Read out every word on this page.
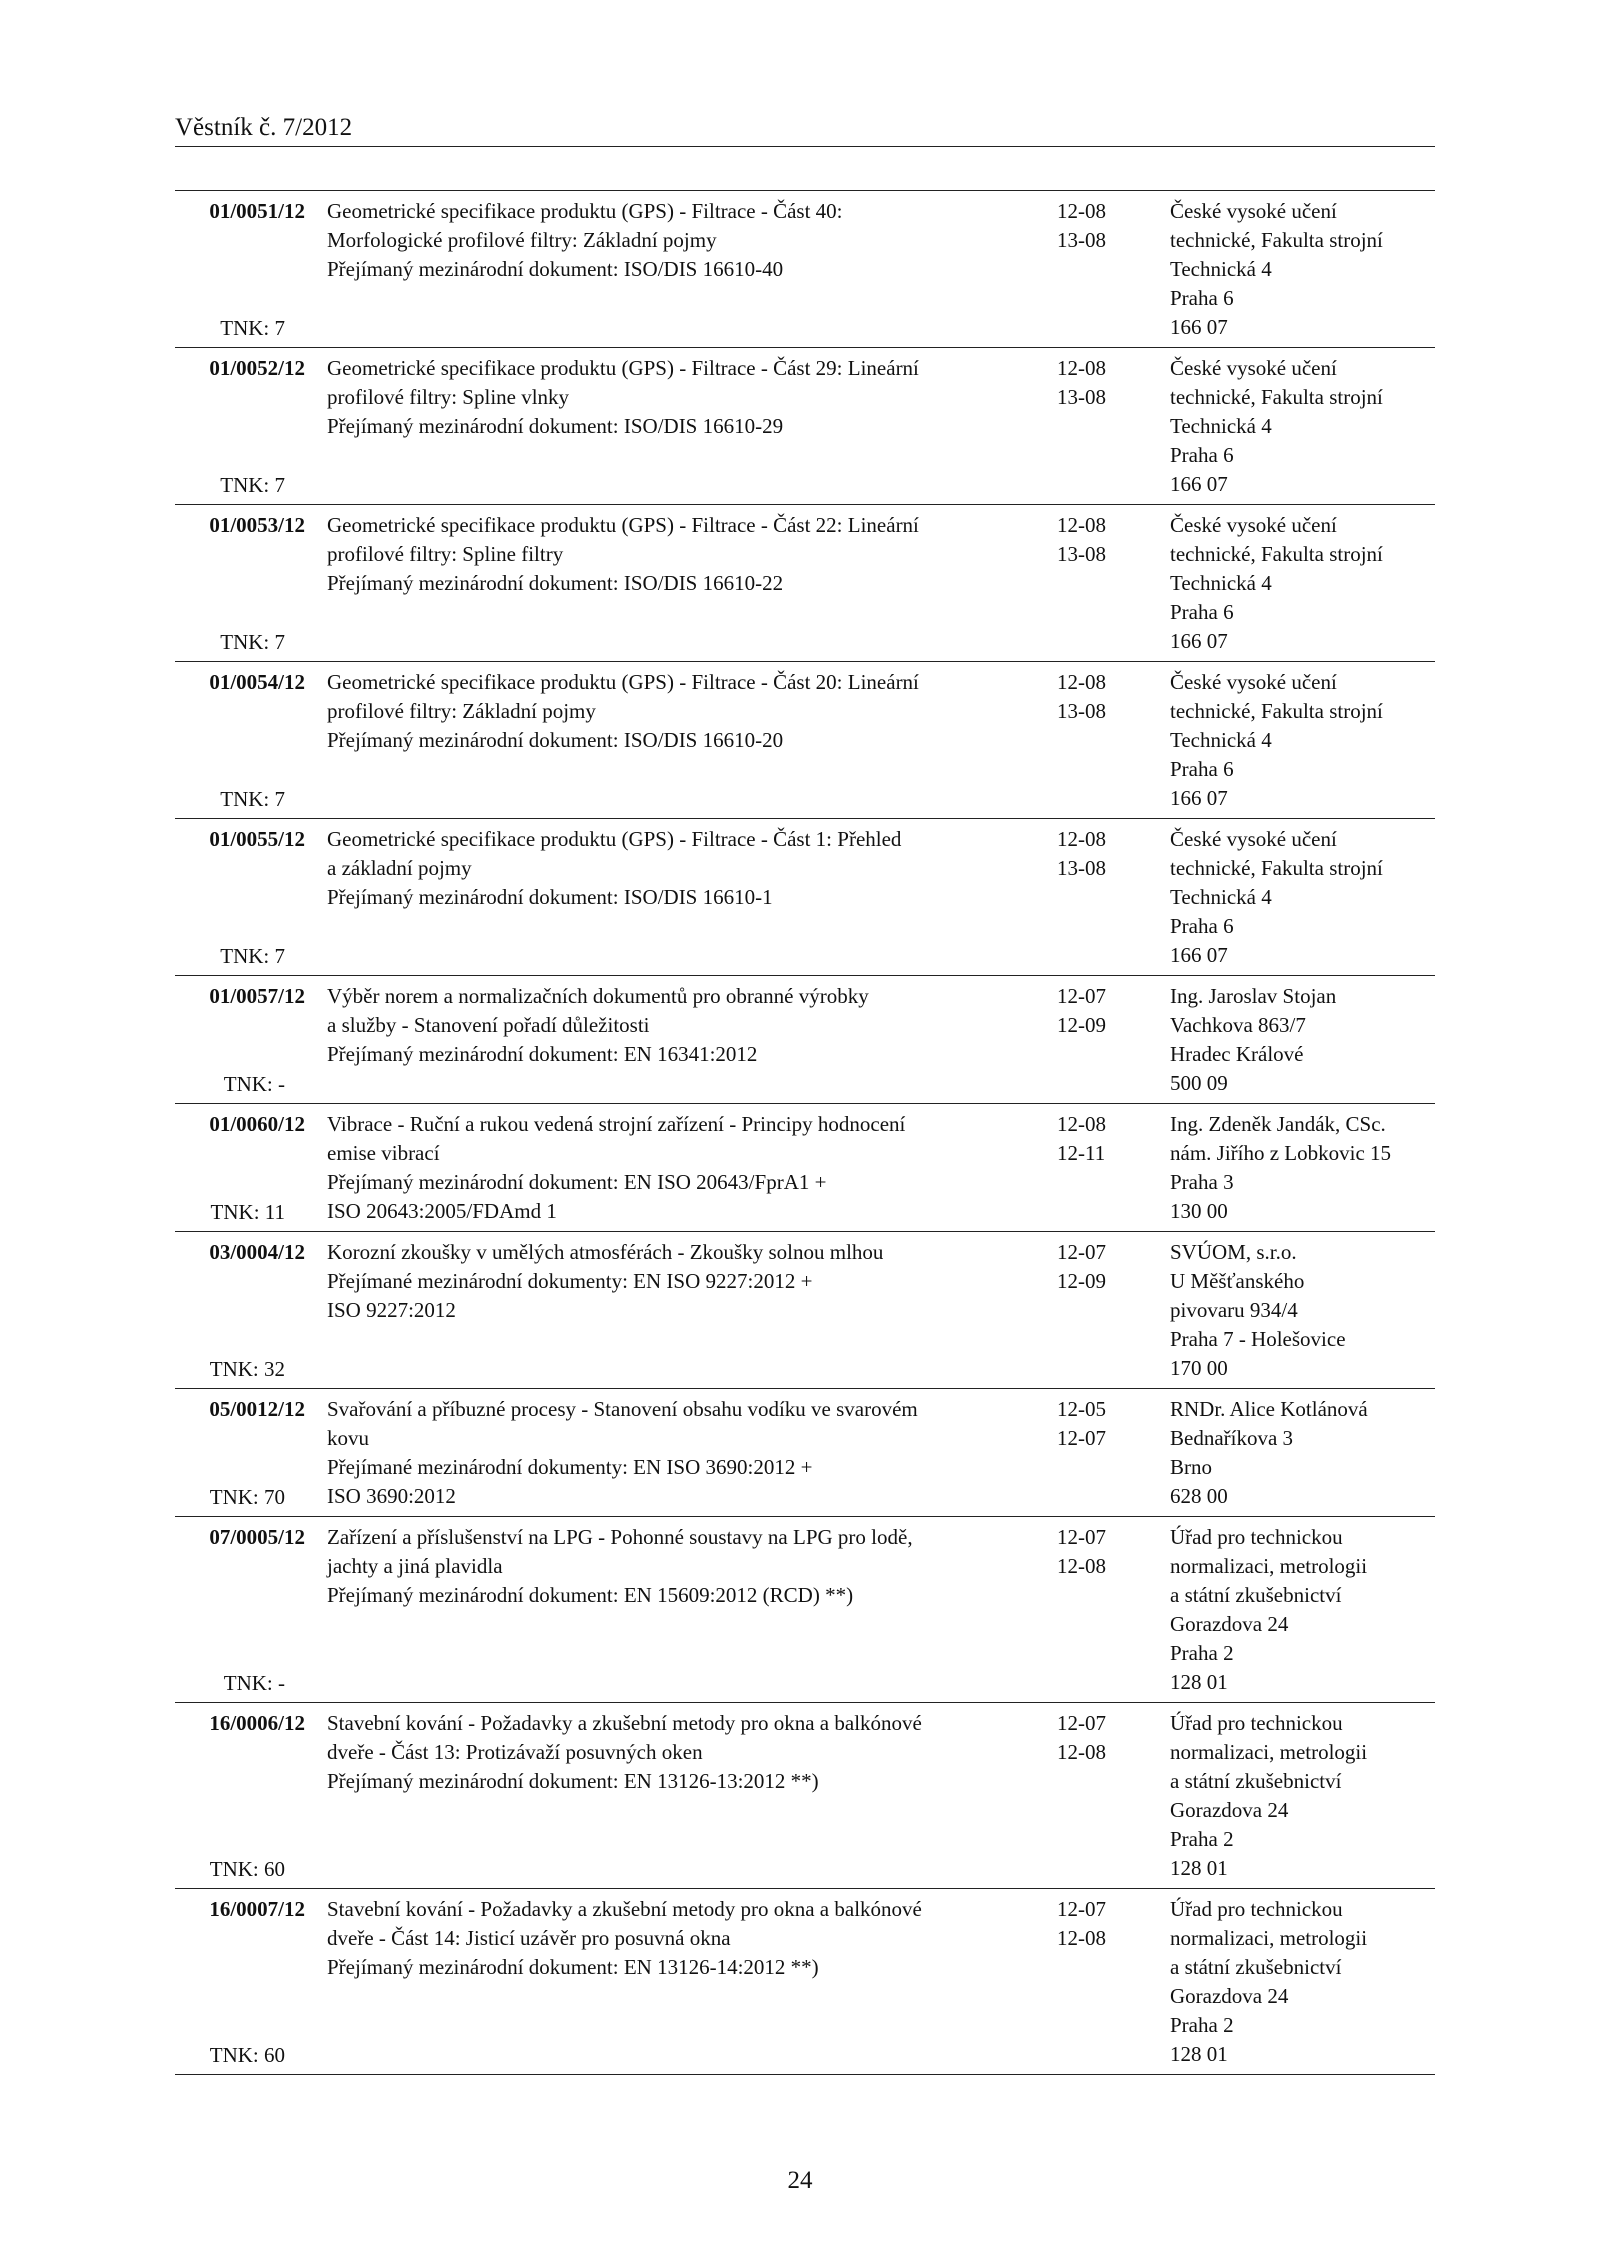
Věstník č. 7/2012
01/0051/12
TNK: 7
Geometrické specifikace produktu (GPS) - Filtrace - Část 40:
Morfologické profilové filtry: Základní pojmy
Přejímaný mezinárodní dokument: ISO/DIS 16610-40
12-08
13-08
České vysoké učení
technické, Fakulta strojní
Technická 4
Praha 6
166 07
01/0052/12
TNK: 7
Geometrické specifikace produktu (GPS) - Filtrace - Část 29: Lineární
profilové filtry: Spline vlnky
Přejímaný mezinárodní dokument: ISO/DIS 16610-29
12-08
13-08
České vysoké učení
technické, Fakulta strojní
Technická 4
Praha 6
166 07
01/0053/12
TNK: 7
Geometrické specifikace produktu (GPS) - Filtrace - Část 22: Lineární
profilové filtry: Spline filtry
Přejímaný mezinárodní dokument: ISO/DIS 16610-22
12-08
13-08
České vysoké učení
technické, Fakulta strojní
Technická 4
Praha 6
166 07
01/0054/12
TNK: 7
Geometrické specifikace produktu (GPS) - Filtrace - Část 20: Lineární
profilové filtry: Základní pojmy
Přejímaný mezinárodní dokument: ISO/DIS 16610-20
12-08
13-08
České vysoké učení
technické, Fakulta strojní
Technická 4
Praha 6
166 07
01/0055/12
TNK: 7
Geometrické specifikace produktu (GPS) - Filtrace - Část 1: Přehled
a základní pojmy
Přejímaný mezinárodní dokument: ISO/DIS 16610-1
12-08
13-08
České vysoké učení
technické, Fakulta strojní
Technická 4
Praha 6
166 07
01/0057/12
TNK: -
Výběr norem a normalizačních dokumentů pro obranné výrobky
a služby - Stanovení pořadí důležitosti
Přejímaný mezinárodní dokument: EN 16341:2012
12-07
12-09
Ing. Jaroslav Stojan
Vachkova 863/7
Hradec Králové
500 09
01/0060/12
TNK: 11
Vibrace - Ruční a rukou vedená strojní zařízení - Principy hodnocení
emise vibrací
Přejímaný mezinárodní dokument: EN ISO 20643/FprA1 +
ISO 20643:2005/FDAmd 1
12-08
12-11
Ing. Zdeněk Jandák, CSc.
nám. Jiřího z Lobkovic 15
Praha 3
130 00
03/0004/12
TNK: 32
Korozní zkoušky v umělých atmosférách - Zkoušky solnou mlhou
Přejímané mezinárodní dokumenty: EN ISO 9227:2012 +
ISO 9227:2012
12-07
12-09
SVÚOM, s.r.o.
U Měšťanského
pivovaru 934/4
Praha 7 - Holešovice
170 00
05/0012/12
TNK: 70
Svařování a příbuzné procesy - Stanovení obsahu vodíku ve svarovém
kovu
Přejímané mezinárodní dokumenty: EN ISO 3690:2012 +
ISO 3690:2012
12-05
12-07
RNDr. Alice Kotlánová
Bednaříkova 3
Brno
628 00
07/0005/12
TNK: -
Zařízení a příslušenství na LPG - Pohonné soustavy na LPG pro lodě,
jachty a jiná plavidla
Přejímaný mezinárodní dokument: EN 15609:2012 (RCD) **)
12-07
12-08
Úřad pro technickou
normalizaci, metrologii
a státní zkušebnictví
Gorazdova 24
Praha 2
128 01
16/0006/12
TNK: 60
Stavební kování - Požadavky a zkušební metody pro okna a balkónové
dveře - Část 13: Protizávaží posuvných oken
Přejímaný mezinárodní dokument: EN 13126-13:2012 **)
12-07
12-08
Úřad pro technickou
normalizaci, metrologii
a státní zkušebnictví
Gorazdova 24
Praha 2
128 01
16/0007/12
TNK: 60
Stavební kování - Požadavky a zkušební metody pro okna a balkónové
dveře - Část 14: Jisticí uzávěr pro posuvná okna
Přejímaný mezinárodní dokument: EN 13126-14:2012 **)
12-07
12-08
Úřad pro technickou
normalizaci, metrologii
a státní zkušebnictví
Gorazdova 24
Praha 2
128 01
24
